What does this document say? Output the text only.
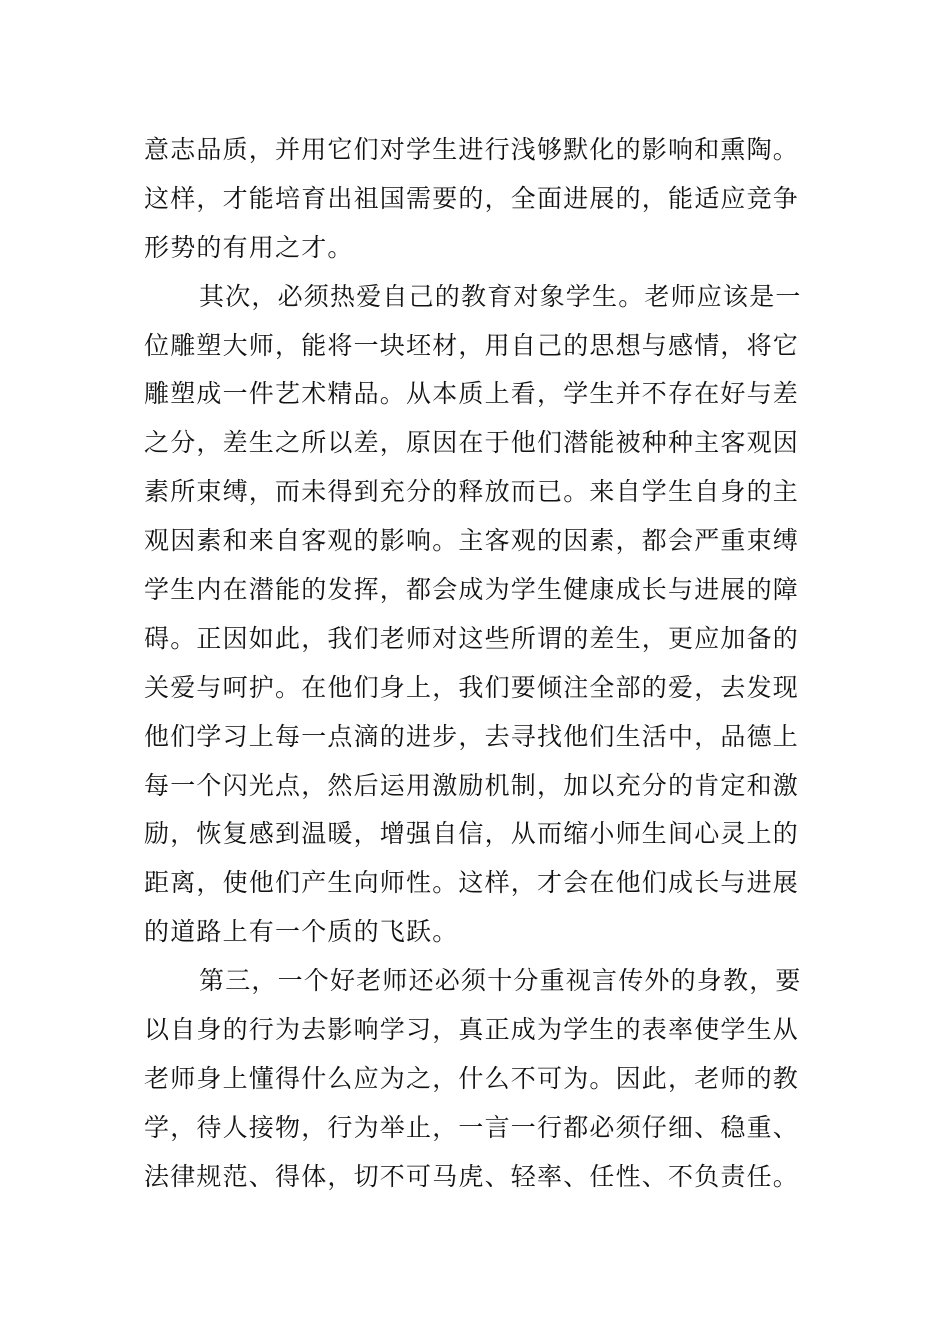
意志品质，并用它们对学生进行浅够默化的影响和熏陶。
这样，才能培育出祖国需要的，全面进展的，能适应竞争
形势的有用之才。
其次，必须热爱自己的教育对象学生。老师应该是一
位雕塑大师，能将一块坯材，用自己的思想与感情，将它
雕塑成一件艺术精品。从本质上看，学生并不存在好与差
之分，差生之所以差，原因在于他们潜能被种种主客观因
素所束缚，而未得到充分的释放而已。来自学生自身的主
观因素和来自客观的影响。主客观的因素，都会严重束缚
学生内在潜能的发挥，都会成为学生健康成长与进展的障
碍。正因如此，我们老师对这些所谓的差生，更应加备的
关爱与呵护。在他们身上，我们要倾注全部的爱，去发现
他们学习上每一点滴的进步，去寻找他们生活中，品德上
每一个闪光点，然后运用激励机制，加以充分的肯定和激
励，恢复感到温暖，增强自信，从而缩小师生间心灵上的
距离，使他们产生向师性。这样，才会在他们成长与进展
的道路上有一个质的飞跃。
第三，一个好老师还必须十分重视言传外的身教，要
以自身的行为去影响学习，真正成为学生的表率使学生从
老师身上懂得什么应为之，什么不可为。因此，老师的教
学，待人接物，行为举止，一言一行都必须仔细、稳重、
法律规范、得体，切不可马虎、轻率、任性、不负责任。
